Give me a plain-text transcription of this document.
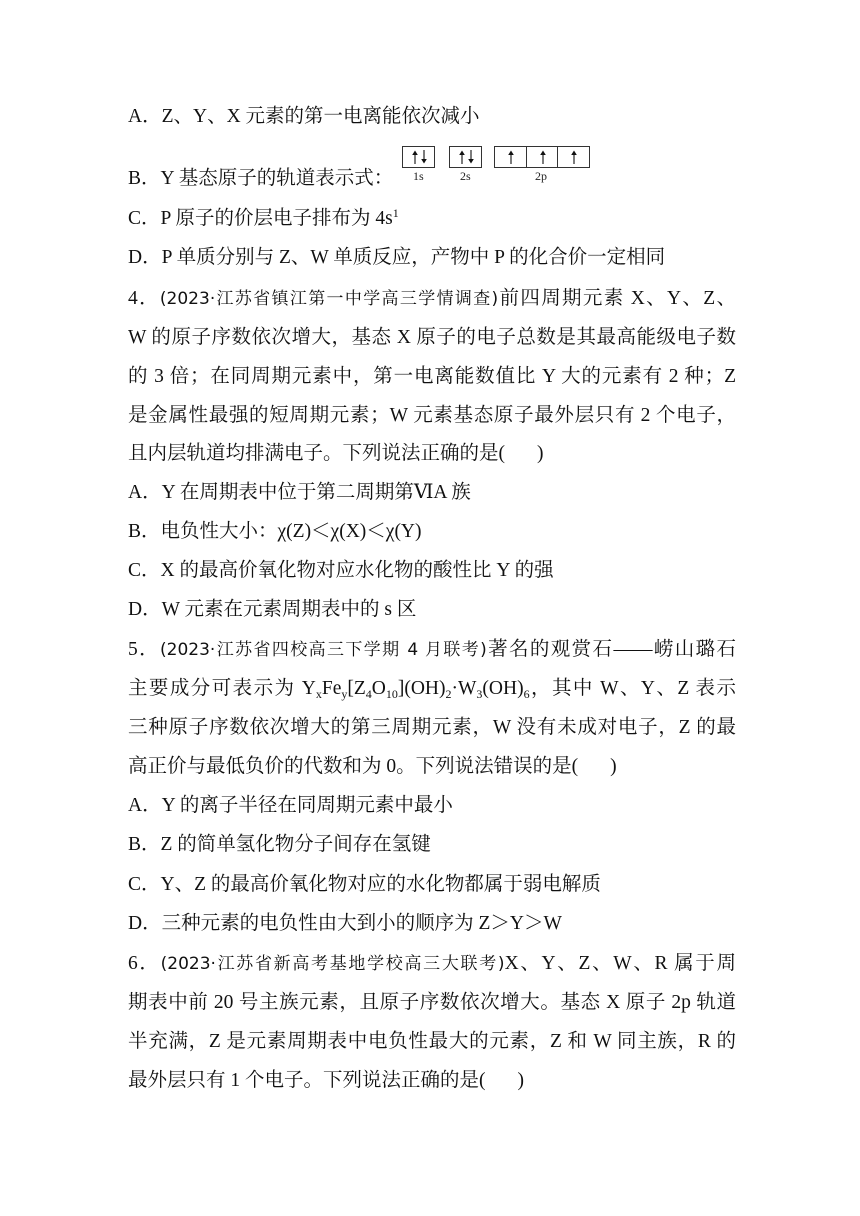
A．Z、Y、X 元素的第一电离能依次减小
B．Y 基态原子的轨道表示式： 1s	2s	2p
C．P 原子的价层电子排布为 $4s^1$
D．P 单质分别与 Z、W 单质反应，产物中 P 的化合价一定相同
4．(2023·江苏省镇江第一中学高三学情调查)前四周期元素 X、Y、Z、
W 的原子序数依次增大，基态 X 原子的电子总数是其最高能级电子数
的 3 倍；在同周期元素中，第一电离能数值比 Y 大的元素有 2 种；Z
是金属性最强的短周期元素；W 元素基态原子最外层只有 2 个电子，
且内层轨道均排满电子。下列说法正确的是( )
A．Y 在周期表中位于第二周期第ⅥA 族
B．电负性大小：χ(Z)＜χ(X)＜χ(Y)
C．X 的最高价氧化物对应水化物的酸性比 Y 的强
D．W 元素在元素周期表中的 s 区
5．(2023·江苏省四校高三下学期 4 月联考)著名的观赏石——崂山璐石
主要成分可表示为 $Y_xFe_y[Z_4O_{10}](OH)_2\cdot W_3(OH)_6$，其中 W、Y、Z 表示
三种原子序数依次增大的第三周期元素，W 没有未成对电子，Z 的最
高正价与最低负价的代数和为 0。下列说法错误的是( )
A．Y 的离子半径在同周期元素中最小
B．Z 的简单氢化物分子间存在氢键
C．Y、Z 的最高价氧化物对应的水化物都属于弱电解质
D．三种元素的电负性由大到小的顺序为 Z＞Y＞W
6．(2023·江苏省新高考基地学校高三大联考)X、Y、Z、W、R 属于周
期表中前 20 号主族元素，且原子序数依次增大。基态 X 原子 2p 轨道
半充满，Z 是元素周期表中电负性最大的元素，Z 和 W 同主族，R 的
最外层只有 1 个电子。下列说法正确的是( )
